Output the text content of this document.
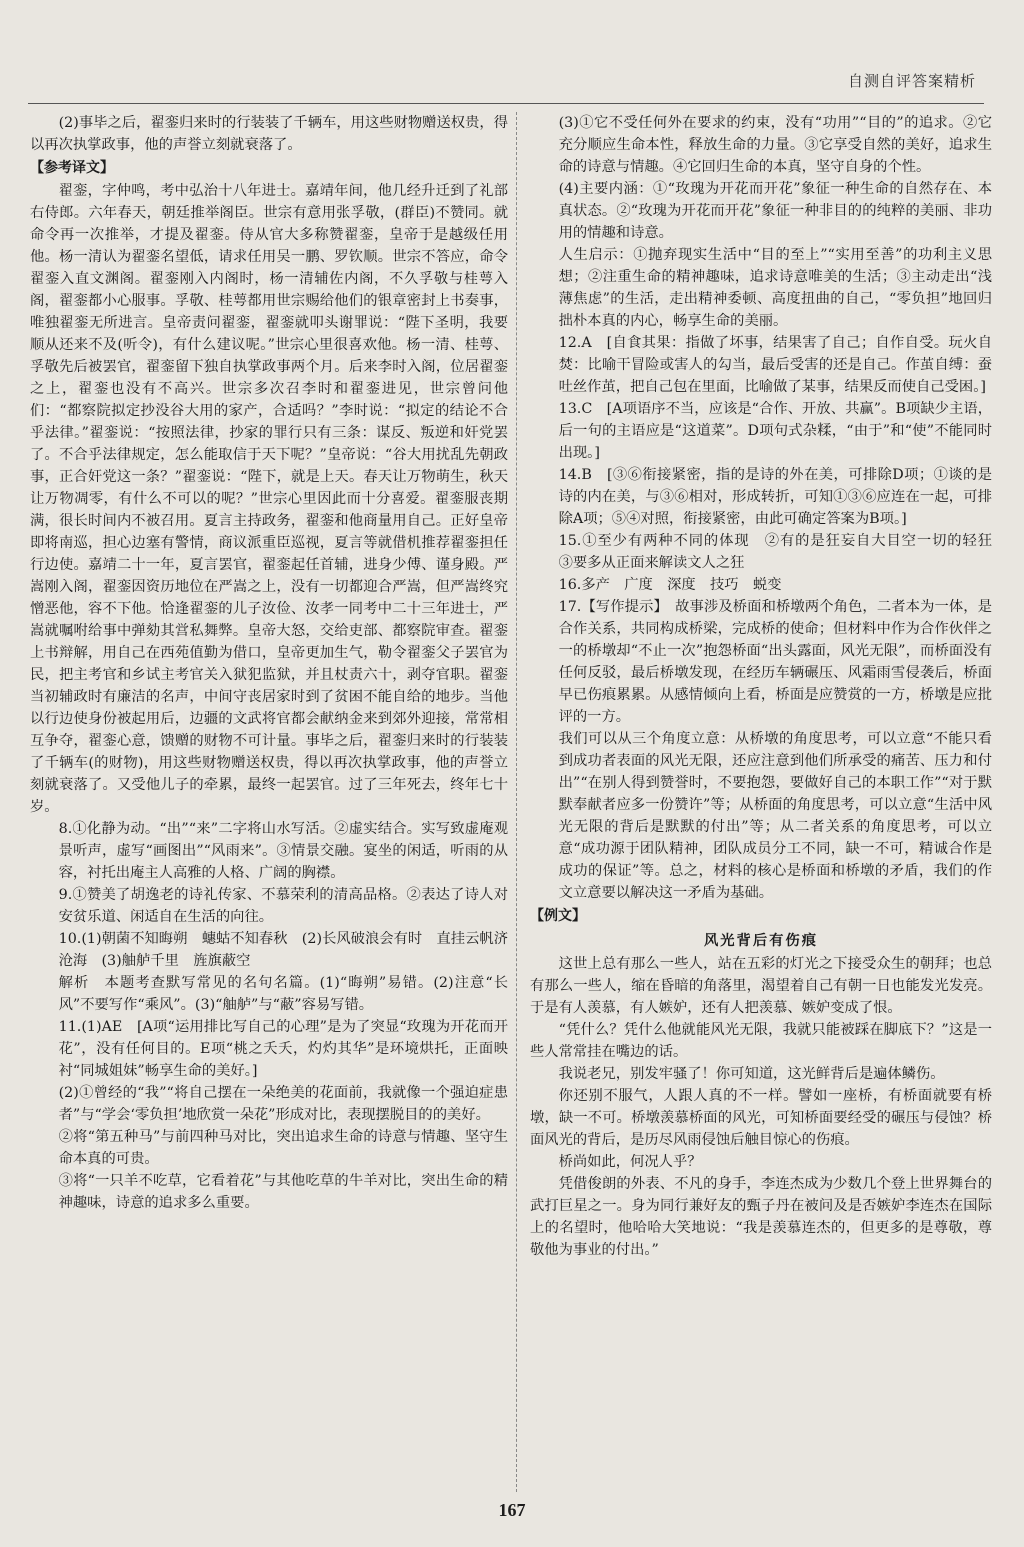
自测自评答案精析

(2)事毕之后，翟銮归来时的行装装了千辆车，用这些财物赠送权贵，得以再次执掌政事，他的声誉立刻就衰落了。

【参考译文】

翟銮，字仲鸣，考中弘治十八年进士。嘉靖年间，他几经升迁到了礼部右侍郎。六年春天，朝廷推举阁臣。世宗有意用张孚敬，(群臣)不赞同。就命令再一次推举，才提及翟銮。侍从官大多称赞翟銮，皇帝于是越级任用他。杨一清认为翟銮名望低，请求任用吴一鹏、罗钦顺。世宗不答应，命令翟銮入直文渊阁。翟銮刚入内阁时，杨一清辅佐内阁，不久孚敬与桂萼入阁，翟銮都小心服事。孚敬、桂萼都用世宗赐给他们的银章密封上书奏事，唯独翟銮无所进言。皇帝责问翟銮，翟銮就叩头谢罪说：“陛下圣明，我要顺从还来不及(听令)，有什么建议呢。”世宗心里很喜欢他。杨一清、桂萼、孚敬先后被罢官，翟銮留下独自执掌政事两个月。后来李时入阁，位居翟銮之上，翟銮也没有不高兴。世宗多次召李时和翟銮进见，世宗曾问他们：“都察院拟定抄没谷大用的家产，合适吗？”李时说：“拟定的结论不合乎法律。”翟銮说：“按照法律，抄家的罪行只有三条：谋反、叛逆和奸党罢了。不合乎法律规定，怎么能取信于天下呢？”皇帝说：“谷大用扰乱先朝政事，正合奸党这一条？”翟銮说：“陛下，就是上天。春天让万物萌生，秋天让万物凋零，有什么不可以的呢？”世宗心里因此而十分喜爱。翟銮服丧期满，很长时间内不被召用。夏言主持政务，翟銮和他商量用自己。正好皇帝即将南巡，担心边塞有警情，商议派重臣巡视，夏言等就借机推荐翟銮担任行边使。嘉靖二十一年，夏言罢官，翟銮起任首辅，进身少傅、谨身殿。严嵩刚入阁，翟銮因资历地位在严嵩之上，没有一切都迎合严嵩，但严嵩终究憎恶他，容不下他。恰逢翟銮的儿子汝俭、汝孝一同考中二十三年进士，严嵩就嘱咐给事中弹劾其営私舞弊。皇帝大怒，交给吏部、都察院审查。翟銮上书辩解，用自己在西苑值勤为借口，皇帝更加生气，勒令翟銮父子罢官为民，把主考官和乡试主考官关入狱犯监狱，并且杖责六十，剥夺官职。翟銮当初辅政时有廉洁的名声，中间守丧居家时到了贫困不能自给的地步。当他以行边使身份被起用后，边疆的文武将官都会献纳金来到郊外迎接，常常相互争夺，翟銮心意，馈赠的财物不可计量。事毕之后，翟銮归来时的行装装了千辆车(的财物)，用这些财物赠送权贵，得以再次执掌政事，他的声誉立刻就衰落了。又受他儿子的牵累，最终一起罢官。过了三年死去，终年七十岁。

8.①化静为动。“出”“来”二字将山水写活。②虚实结合。实写致虚庵观景听声，虚写“画图出”“风雨来”。③情景交融。宴坐的闲适，听雨的从容，衬托出庵主人高雅的人格、广阔的胸襟。

9.①赞美了胡逸老的诗礼传家、不慕荣利的清高品格。②表达了诗人对安贫乐道、闲适自在生活的向往。

10.(1)朝菌不知晦朔　蟪蛄不知春秋　(2)长风破浪会有时　直挂云帆济沧海　(3)舳舻千里　旌旗蔽空

解析　本题考查默写常见的名句名篇。(1)“晦朔”易错。(2)注意“长风”不要写作“乘风”。(3)“舳舻”与“蔽”容易写错。

11.(1)AE　[A项“运用排比写自己的心理”是为了突显“玫瑰为开花而开花”，没有任何目的。E项“桃之夭夭，灼灼其华”是环境烘托，正面映衬“同城姐妹”畅享生命的美好。]

(2)①曾经的“我”“将自己摆在一朵绝美的花面前，我就像一个强迫症患者”与“学会‘零负担’地欣赏一朵花”形成对比，表现摆脱目的的美好。

②将“第五种马”与前四种马对比，突出追求生命的诗意与情趣、坚守生命本真的可贵。

③将“一只羊不吃草，它看着花”与其他吃草的牛羊对比，突出生命的精神趣味，诗意的追求多么重要。

(3)①它不受任何外在要求的约束，没有“功用”“目的”的追求。②它充分顺应生命本性，释放生命的力量。③它享受自然的美好，追求生命的诗意与情趣。④它回归生命的本真，坚守自身的个性。

(4)主要内涵：①“玫瑰为开花而开花”象征一种生命的自然存在、本真状态。②“玫瑰为开花而开花”象征一种非目的的纯粹的美丽、非功用的情趣和诗意。

人生启示：①抛弃现实生活中“目的至上”“实用至善”的功利主义思想；②注重生命的精神趣味，追求诗意唯美的生活；③主动走出“浅薄焦虑”的生活，走出精神委顿、高度扭曲的自己，“零负担”地回归拙朴本真的内心，畅享生命的美丽。

12.A　[自食其果：指做了坏事，结果害了自己；自作自受。玩火自焚：比喻干冒险或害人的勾当，最后受害的还是自己。作茧自缚：蚕吐丝作茧，把自己包在里面，比喻做了某事，结果反而使自己受困。]

13.C　[A项语序不当，应该是“合作、开放、共赢”。B项缺少主语，后一句的主语应是“这道菜”。D项句式杂糅，“由于”和“使”不能同时出现。]

14.B　[③⑥衔接紧密，指的是诗的外在美，可排除D项；①谈的是诗的内在美，与③⑥相对，形成转折，可知①③⑥应连在一起，可排除A项；⑤④对照，衔接紧密，由此可确定答案为B项。]

15.①至少有两种不同的体现　②有的是狂妄自大目空一切的轻狂　③要多从正面来解读文人之狂

16.多产　广度　深度　技巧　蜕变

17.【写作提示】　故事涉及桥面和桥墩两个角色，二者本为一体，是合作关系，共同构成桥梁，完成桥的使命；但材料中作为合作伙伴之一的桥墩却“不止一次”抱怨桥面“出头露面，风光无限”，而桥面没有任何反驳，最后桥墩发现，在经历车辆碾压、风霜雨雪侵袭后，桥面早已伤痕累累。从感情倾向上看，桥面是应赞赏的一方，桥墩是应批评的一方。

我们可以从三个角度立意：从桥墩的角度思考，可以立意“不能只看到成功者表面的风光无限，还应注意到他们所承受的痛苦、压力和付出”“在别人得到赞誉时，不要抱怨，要做好自己的本职工作”“对于默默奉献者应多一份赞许”等；从桥面的角度思考，可以立意“生活中风光无限的背后是默默的付出”等；从二者关系的角度思考，可以立意“成功源于团队精神，团队成员分工不同，缺一不可，精诚合作是成功的保证”等。总之，材料的核心是桥面和桥墩的矛盾，我们的作文立意要以解决这一矛盾为基础。

【例文】

风光背后有伤痕

这世上总有那么一些人，站在五彩的灯光之下接受众生的朝拜；也总有那么一些人，缩在昏暗的角落里，渴望着自己有朝一日也能发光发亮。于是有人羡慕，有人嫉妒，还有人把羡慕、嫉妒变成了恨。

“凭什么？凭什么他就能风光无限，我就只能被踩在脚底下？”这是一些人常常挂在嘴边的话。

我说老兄，别发牢骚了！你可知道，这光鲜背后是遍体鳞伤。

你还别不服气，人跟人真的不一样。譬如一座桥，有桥面就要有桥墩，缺一不可。桥墩羡慕桥面的风光，可知桥面要经受的碾压与侵蚀？桥面风光的背后，是历尽风雨侵蚀后触目惊心的伤痕。

桥尚如此，何况人乎？

凭借俊朗的外表、不凡的身手，李连杰成为少数几个登上世界舞台的武打巨星之一。身为同行兼好友的甄子丹在被问及是否嫉妒李连杰在国际上的名望时，他哈哈大笑地说：“我是羡慕连杰的，但更多的是尊敬，尊敬他为事业的付出。”

167
